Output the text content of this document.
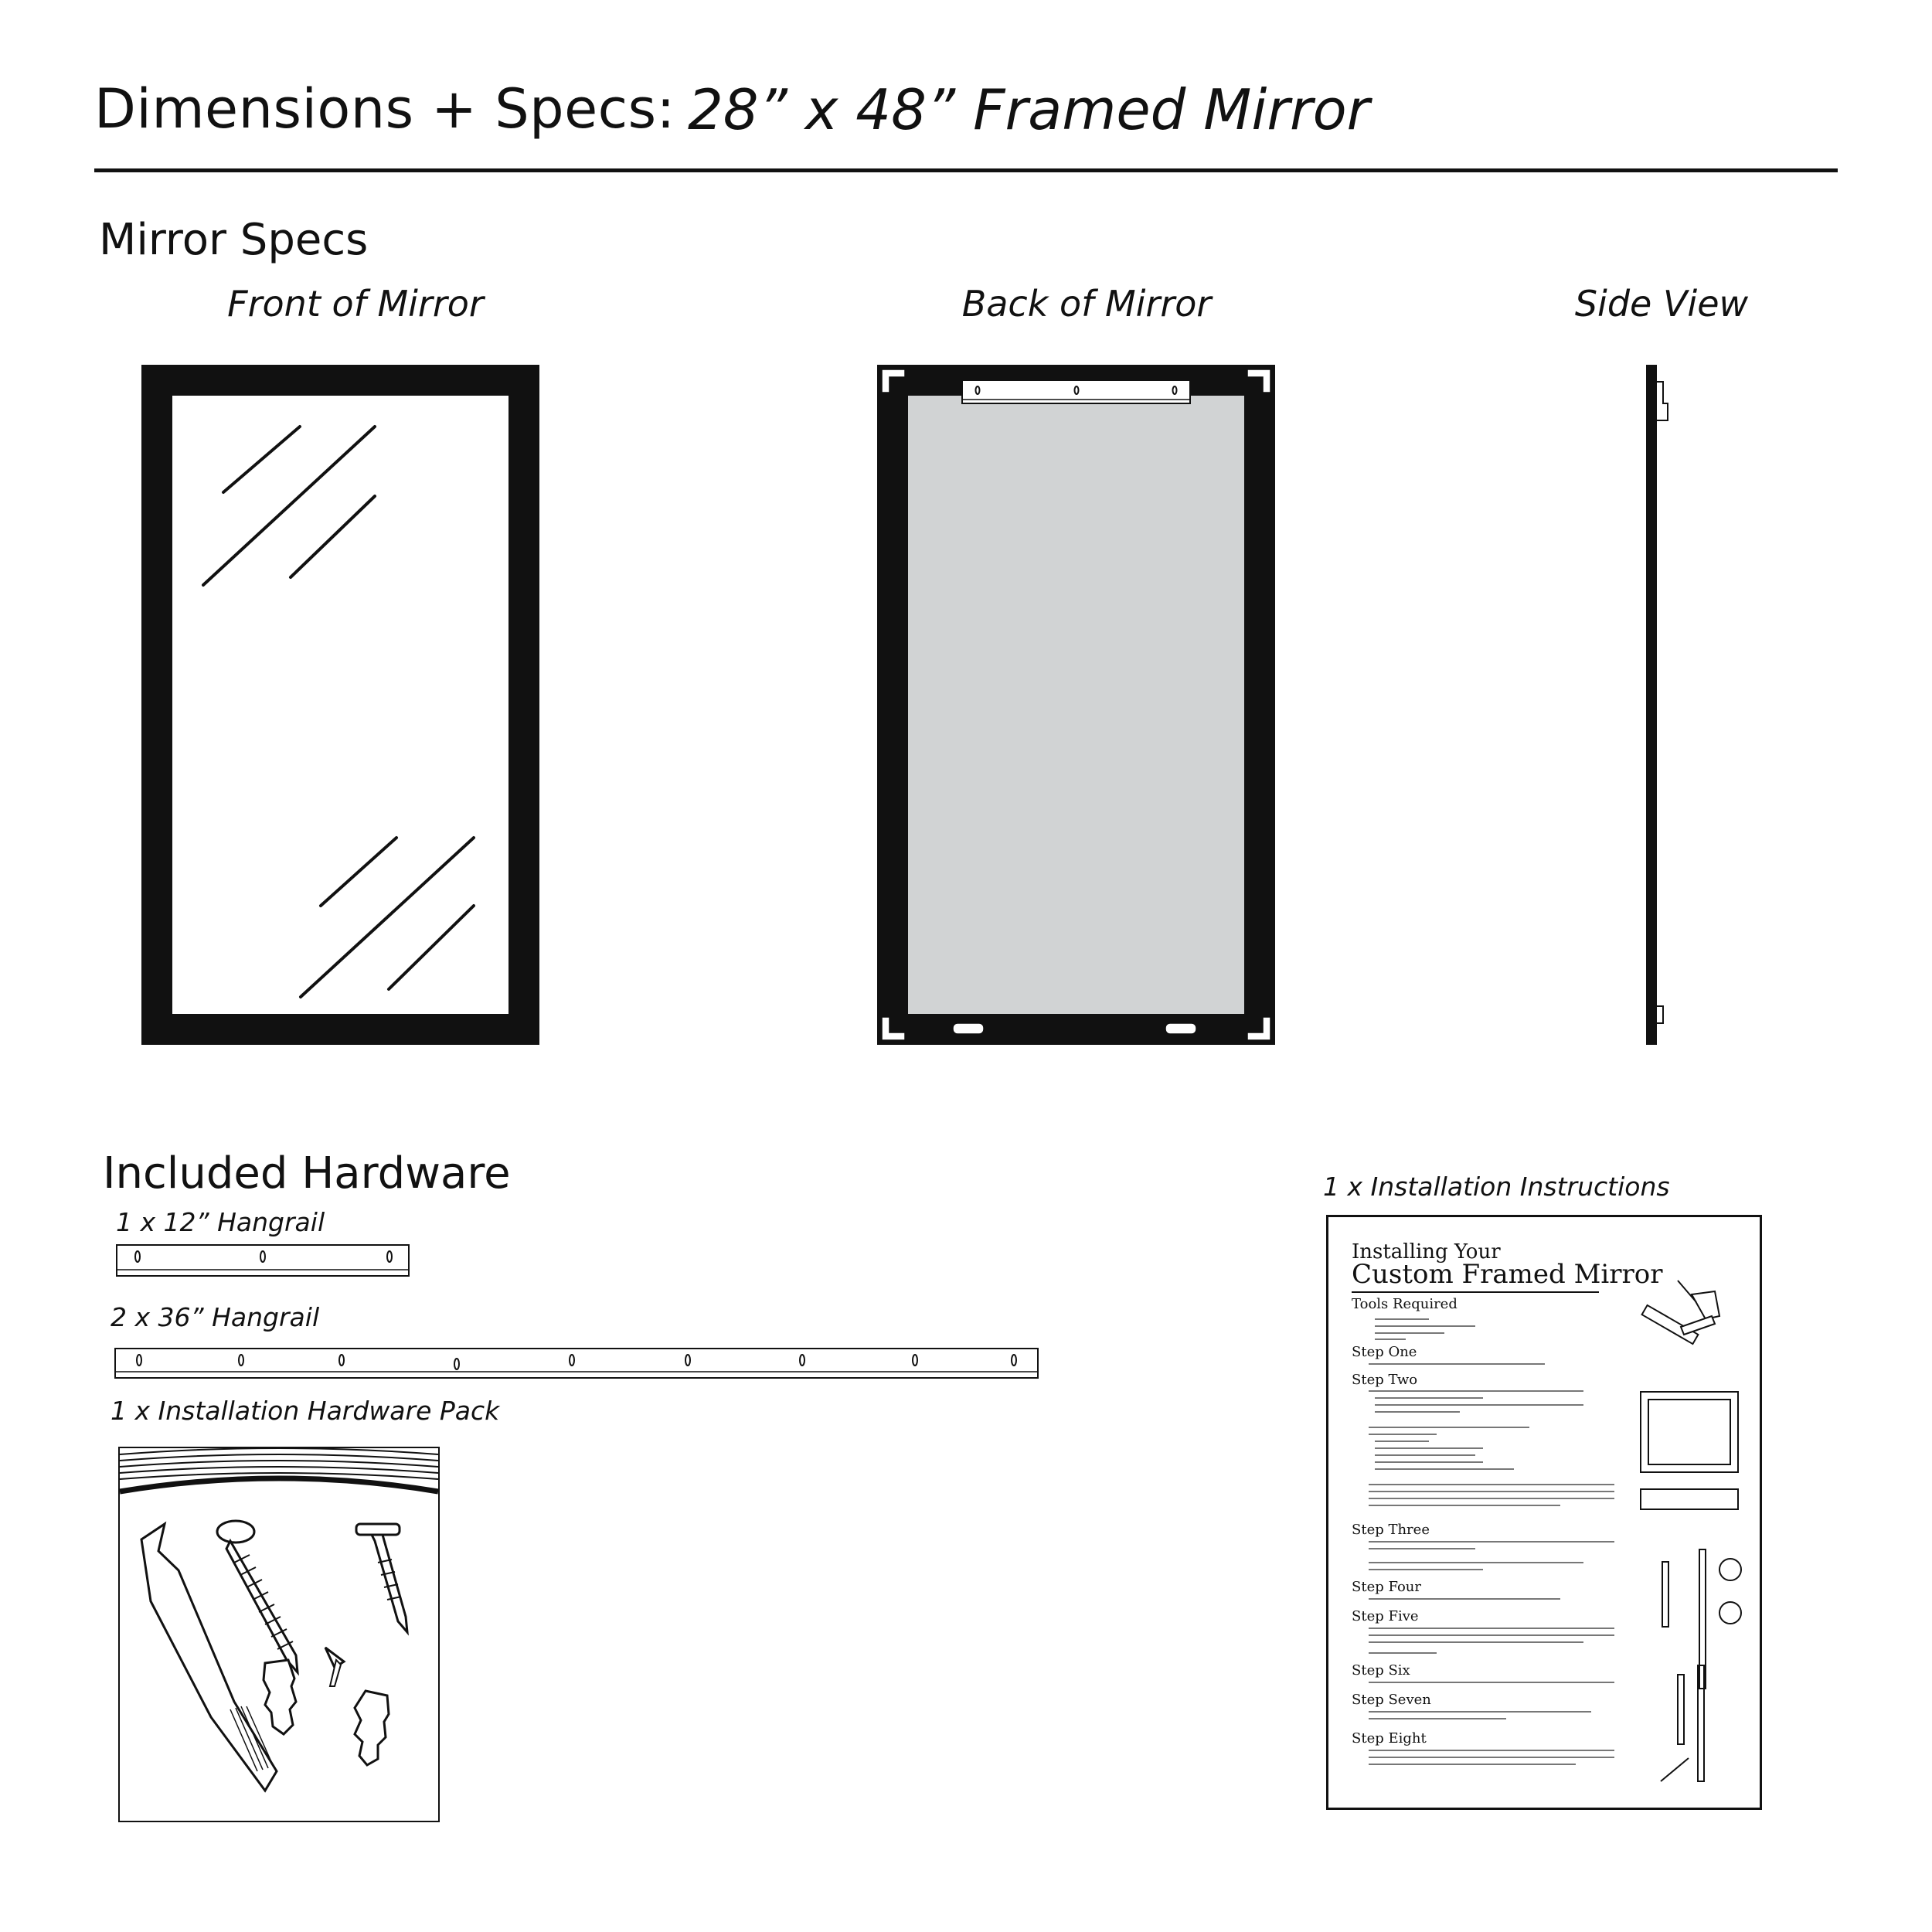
Dimensions + Specs: 28” x 48” Framed Mirror
Mirror Specs
Front of Mirror	Back of Mirror	Side View
Included Hardware
1 x 12” Hangrail
2 x 36” Hangrail
1 x Installation Hardware Pack
1 x Installation Instructions
Installing Your
Custom Framed Mirror
Tools Required
Step One
Step Two
Step Three
Step Four
Step Five
Step Six
Step Seven
Step Eight
